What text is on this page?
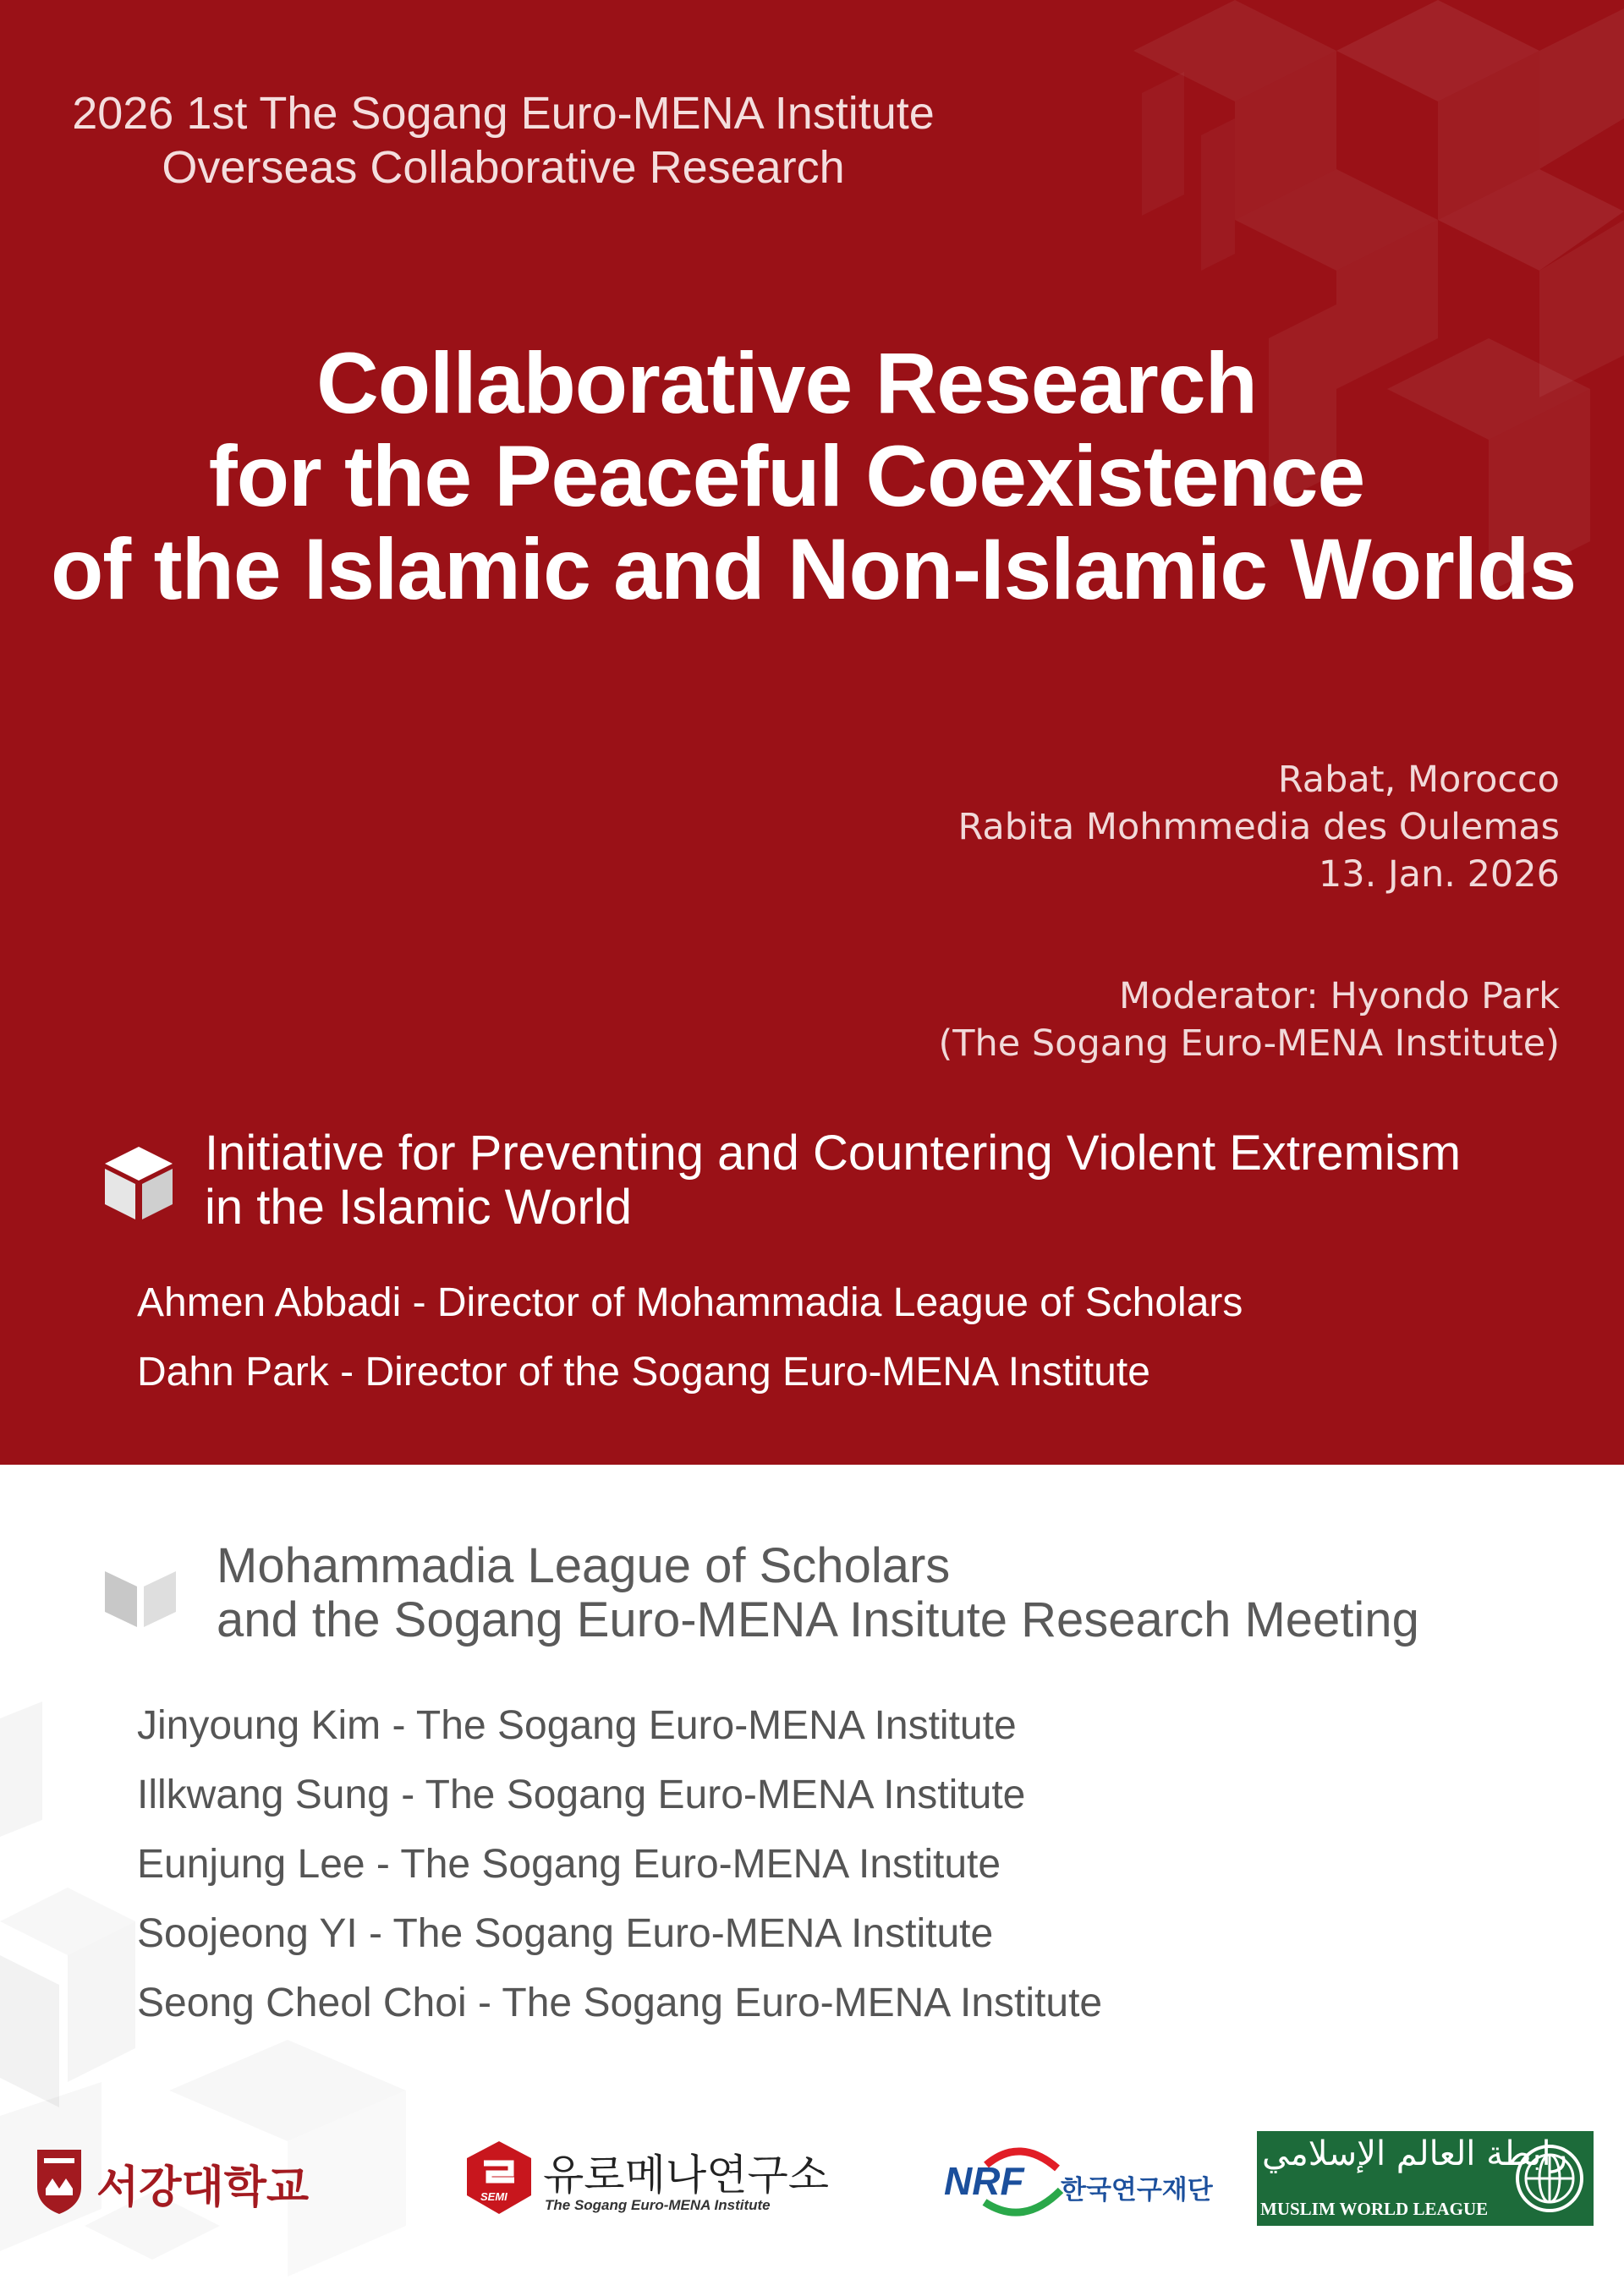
2026 1st The Sogang Euro-MENA Institute
Overseas Collaborative Research
Collaborative Research
for the Peaceful Coexistence
of the Islamic and Non-Islamic Worlds
Rabat, Morocco
Rabita Mohmmedia des Oulemas
13. Jan. 2026
Moderator: Hyondo Park
(The Sogang Euro-MENA Institute)
Initiative for Preventing and Countering Violent Extremism
in the Islamic World
Ahmen Abbadi - Director of Mohammadia League of Scholars
Dahn Park - Director of the Sogang Euro-MENA Institute
Mohammadia League of Scholars
and the Sogang Euro-MENA Insitute Research Meeting
Jinyoung Kim - The Sogang Euro-MENA Institute
Illkwang Sung - The Sogang Euro-MENA Institute
Eunjung Lee - The Sogang Euro-MENA Institute
Soojeong YI - The Sogang Euro-MENA Institute
Seong Cheol Choi - The Sogang Euro-MENA Institute
서강대학교	SEMI 유로메나연구소
The Sogang Euro-MENA Institute
NRF 한국연구재단
رابطة العالم الإسلامي
MUSLIM WORLD LEAGUE
